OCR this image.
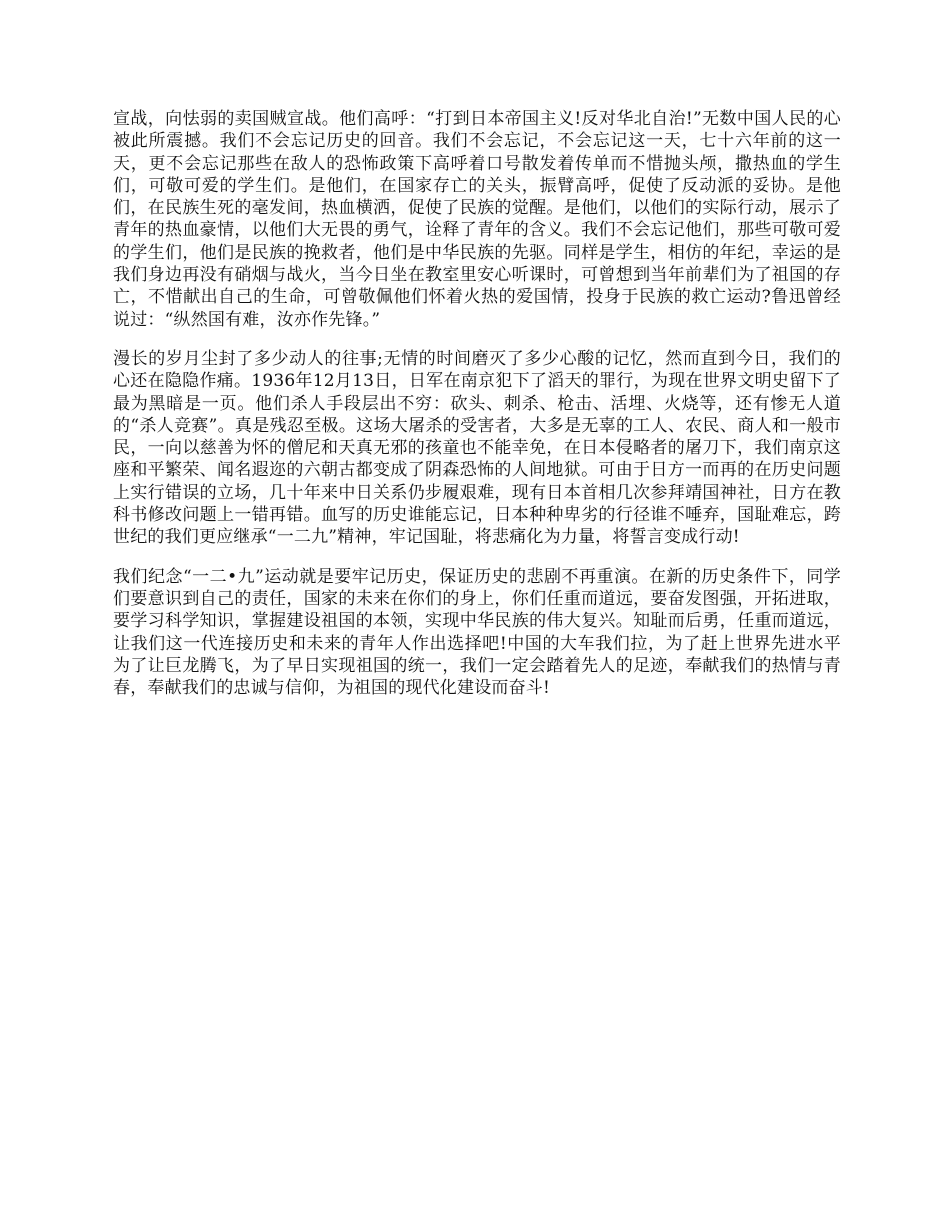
宣战，向怯弱的卖国贼宣战。他们高呼：“打到日本帝国主义!反对华北自治!”无数中国人民的心被此所震撼。我们不会忘记历史的回音。我们不会忘记，不会忘记这一天，七十六年前的这一天，更不会忘记那些在敌人的恐怖政策下高呼着口号散发着传单而不惜抛头颅，撒热血的学生们，可敬可爱的学生们。是他们，在国家存亡的关头，振臂高呼，促使了反动派的妥协。是他们，在民族生死的毫发间，热血横洒，促使了民族的觉醒。是他们，以他们的实际行动，展示了青年的热血豪情，以他们大无畏的勇气，诠释了青年的含义。我们不会忘记他们，那些可敬可爱的学生们，他们是民族的挽救者，他们是中华民族的先驱。同样是学生，相仿的年纪，幸运的是我们身边再没有硝烟与战火，当今日坐在教室里安心听课时，可曾想到当年前辈们为了祖国的存亡，不惜献出自己的生命，可曾敬佩他们怀着火热的爱国情，投身于民族的救亡运动?鲁迅曾经说过：“纵然国有难，汝亦作先锋。”

漫长的岁月尘封了多少动人的往事;无情的时间磨灭了多少心酸的记忆，然而直到今日，我们的心还在隐隐作痛。1936年12月13日，日军在南京犯下了滔天的罪行，为现在世界文明史留下了最为黑暗是一页。他们杀人手段层出不穷：砍头、刺杀、枪击、活埋、火烧等，还有惨无人道的“杀人竞赛”。真是残忍至极。这场大屠杀的受害者，大多是无辜的工人、农民、商人和一般市民，一向以慈善为怀的僧尼和天真无邪的孩童也不能幸免，在日本侵略者的屠刀下，我们南京这座和平繁荣、闻名遐迩的六朝古都变成了阴森恐怖的人间地狱。可由于日方一而再的在历史问题上实行错误的立场，几十年来中日关系仍步履艰难，现有日本首相几次参拜靖国神社，日方在教科书修改问题上一错再错。血写的历史谁能忘记，日本种种卑劣的行径谁不唾弃，国耻难忘，跨世纪的我们更应继承“一二九”精神，牢记国耻，将悲痛化为力量，将誓言变成行动!

我们纪念“一二•九”运动就是要牢记历史，保证历史的悲剧不再重演。在新的历史条件下，同学们要意识到自己的责任，国家的未来在你们的身上，你们任重而道远，要奋发图强，开拓进取，要学习科学知识，掌握建设祖国的本领，实现中华民族的伟大复兴。知耻而后勇，任重而道远，让我们这一代连接历史和未来的青年人作出选择吧!中国的大车我们拉，为了赶上世界先进水平为了让巨龙腾飞，为了早日实现祖国的统一，我们一定会踏着先人的足迹，奉献我们的热情与青春，奉献我们的忠诚与信仰，为祖国的现代化建设而奋斗!
